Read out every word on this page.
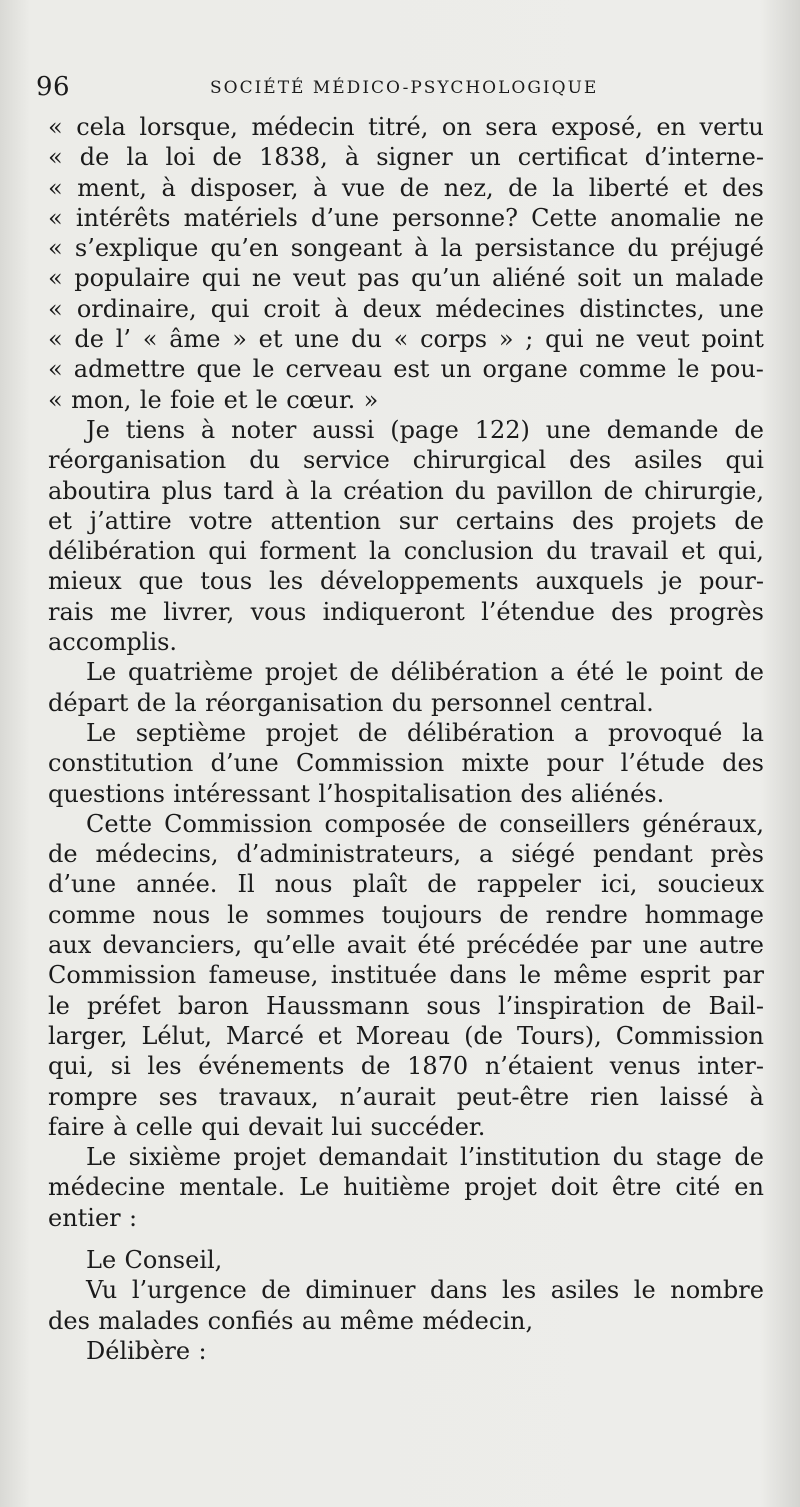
96	SOCIÉTÉ MÉDICO-PSYCHOLOGIQUE
« cela lorsque, médecin titré, on sera exposé, en vertu
« de la loi de 1838, à signer un certificat d’interne-
« ment, à disposer, à vue de nez, de la liberté et des
« intérêts matériels d’une personne? Cette anomalie ne
« s’explique qu’en songeant à la persistance du préjugé
« populaire qui ne veut pas qu’un aliéné soit un malade
« ordinaire, qui croit à deux médecines distinctes, une
« de l’ « âme » et une du « corps » ; qui ne veut point
« admettre que le cerveau est un organe comme le pou-
« mon, le foie et le cœur. »
Je tiens à noter aussi (page 122) une demande de
réorganisation du service chirurgical des asiles qui
aboutira plus tard à la création du pavillon de chirurgie,
et j’attire votre attention sur certains des projets de
délibération qui forment la conclusion du travail et qui,
mieux que tous les développements auxquels je pour-
rais me livrer, vous indiqueront l’étendue des progrès
accomplis.
Le quatrième projet de délibération a été le point de
départ de la réorganisation du personnel central.
Le septième projet de délibération a provoqué la
constitution d’une Commission mixte pour l’étude des
questions intéressant l’hospitalisation des aliénés.
Cette Commission composée de conseillers généraux,
de médecins, d’administrateurs, a siégé pendant près
d’une année. Il nous plaît de rappeler ici, soucieux
comme nous le sommes toujours de rendre hommage
aux devanciers, qu’elle avait été précédée par une autre
Commission fameuse, instituée dans le même esprit par
le préfet baron Haussmann sous l’inspiration de Bail-
larger, Lélut, Marcé et Moreau (de Tours), Commission
qui, si les événements de 1870 n’étaient venus inter-
rompre ses travaux, n’aurait peut-être rien laissé à
faire à celle qui devait lui succéder.
Le sixième projet demandait l’institution du stage de
médecine mentale. Le huitième projet doit être cité en
entier :
Le Conseil,
Vu l’urgence de diminuer dans les asiles le nombre
des malades confiés au même médecin,
Délibère :
